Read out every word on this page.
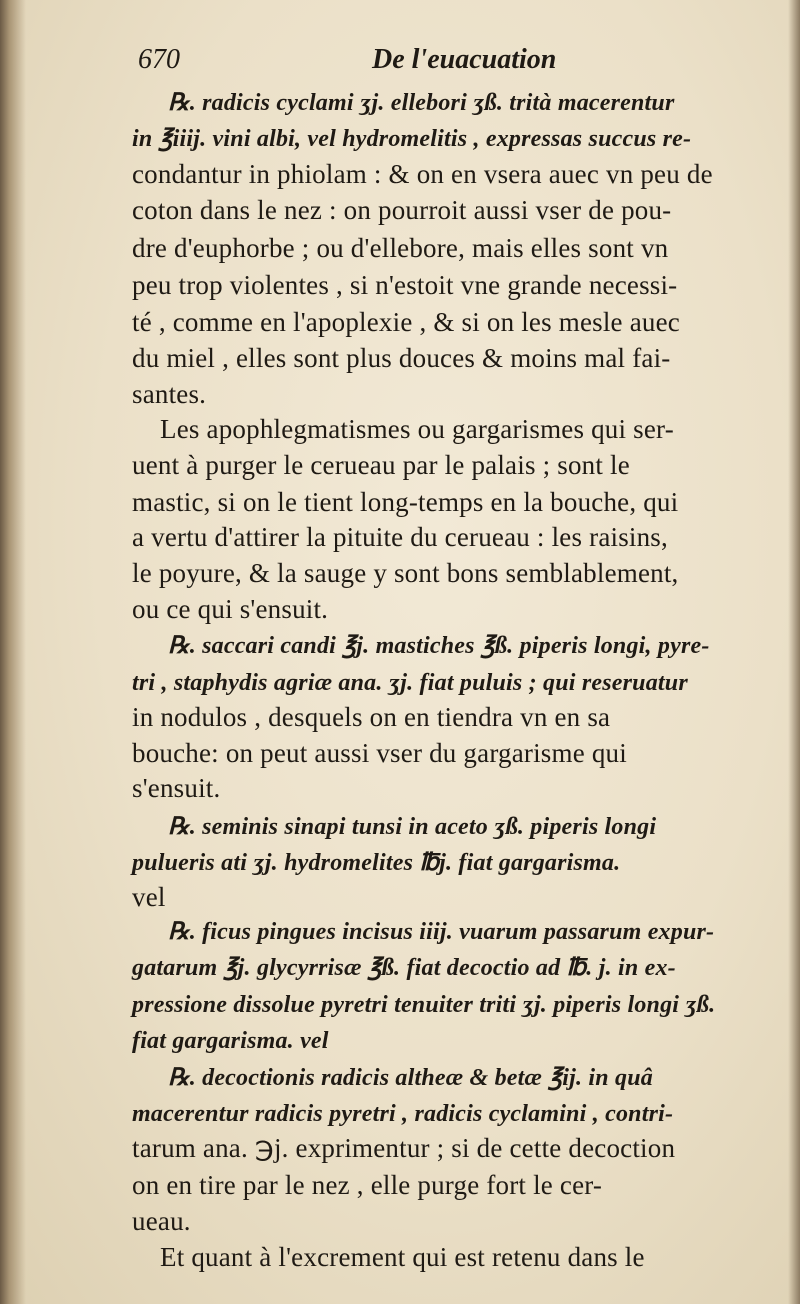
670	De l'euacuation
℞. radicis cyclami ʒj. ellebori ʒß. trità macerentur
in ℥iiij. vini albi, vel hydromelitis , expressas succus re-
condantur in phiolam : & on en vsera auec vn peu de
coton dans le nez : on pourroit aussi vser de pou-
dre d'euphorbe ; ou d'ellebore, mais elles sont vn
peu trop violentes , si n'estoit vne grande necessi-
té , comme en l'apoplexie , & si on les mesle auec
du miel , elles sont plus douces & moins mal fai-
santes.
Les apophlegmatismes ou gargarismes qui ser-
uent à purger le cerueau par le palais ; sont le
mastic, si on le tient long-temps en la bouche, qui
a vertu d'attirer la pituite du cerueau : les raisins,
le poyure, & la sauge y sont bons semblablement,
ou ce qui s'ensuit.
℞. saccari candi ℥j. mastiches ℥ß. piperis longi, pyre-
tri , staphydis agriæ ana. ʒj. fiat puluis ; qui reseruatur
in nodulos , desquels on en tiendra vn en sa
bouche: on peut aussi vser du gargarisme qui
s'ensuit.
℞. seminis sinapi tunsi in aceto ʒß. piperis longi
pulueris ati ʒj. hydromelites ℔j. fiat gargarisma.
vel
℞. ficus pingues incisus iiij. vuarum passarum expur-
gatarum ℥j. glycyrrisæ ℥ß. fiat decoctio ad ℔. j. in ex-
pressione dissolue pyretri tenuiter triti ʒj. piperis longi ʒß.
fiat gargarisma. vel
℞. decoctionis radicis altheæ & betæ ℥ij. in quâ
macerentur radicis pyretri , radicis cyclamini , contri-
tarum ana. ℈j. exprimentur ; si de cette decoction
on en tire par le nez , elle purge fort le cer-
ueau.
Et quant à l'excrement qui est retenu dans le
